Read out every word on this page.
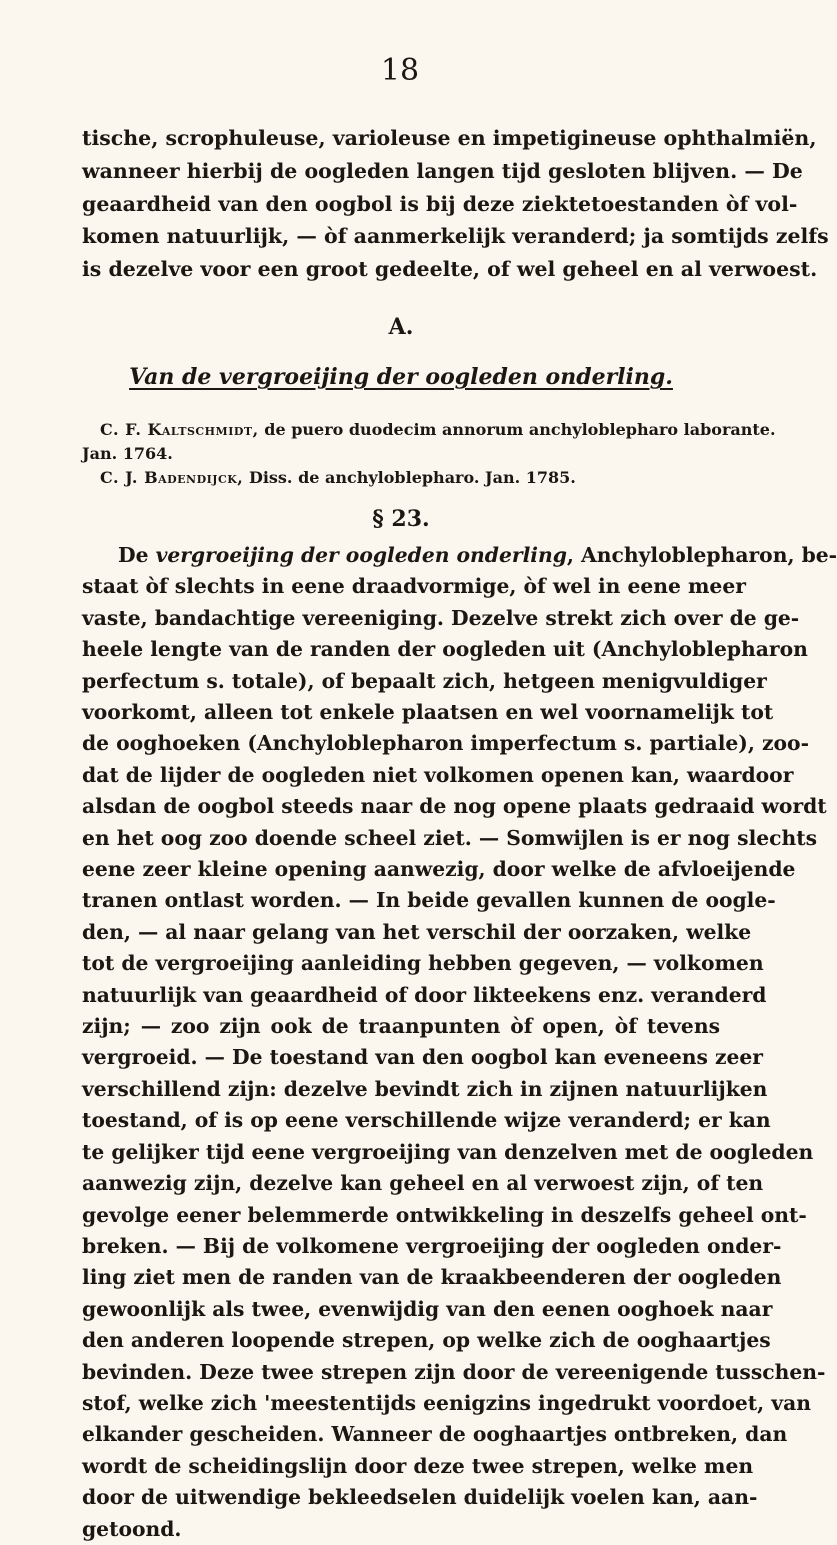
18
tische, scrophuleuse, varioleuse en impetigineuse ophthalmiën,
wanneer hierbij de oogleden langen tijd gesloten blijven. — De
geaardheid van den oogbol is bij deze ziektetoestanden òf vol-
komen natuurlijk, — òf aanmerkelijk veranderd; ja somtijds zelfs
is dezelve voor een groot gedeelte, of wel geheel en al verwoest.
A.
Van de vergroeijing der oogleden onderling.
C. F. Kaltschmidt, de puero duodecim annorum anchyloblepharo laborante.
Jan. 1764.
C. J. Badendijck, Diss. de anchyloblepharo. Jan. 1785.
§ 23.
De vergroeijing der oogleden onderling, Anchyloblepharon, be-
staat òf slechts in eene draadvormige, òf wel in eene meer
vaste, bandachtige vereeniging. Dezelve strekt zich over de ge-
heele lengte van de randen der oogleden uit (Anchyloblepharon
perfectum s. totale), of bepaalt zich, hetgeen menigvuldiger
voorkomt, alleen tot enkele plaatsen en wel voornamelijk tot
de ooghoeken (Anchyloblepharon imperfectum s. partiale), zoo-
dat de lijder de oogleden niet volkomen openen kan, waardoor
alsdan de oogbol steeds naar de nog opene plaats gedraaid wordt
en het oog zoo doende scheel ziet. — Somwijlen is er nog slechts
eene zeer kleine opening aanwezig, door welke de afvloeijende
tranen ontlast worden. — In beide gevallen kunnen de oogle-
den, — al naar gelang van het verschil der oorzaken, welke
tot de vergroeijing aanleiding hebben gegeven, — volkomen
natuurlijk van geaardheid of door likteekens enz. veranderd
zijn; — zoo zijn ook de traanpunten òf open, òf tevens
vergroeid. — De toestand van den oogbol kan eveneens zeer
verschillend zijn: dezelve bevindt zich in zijnen natuurlijken
toestand, of is op eene verschillende wijze veranderd; er kan
te gelijker tijd eene vergroeijing van denzelven met de oogleden
aanwezig zijn, dezelve kan geheel en al verwoest zijn, of ten
gevolge eener belemmerde ontwikkeling in deszelfs geheel ont-
breken. — Bij de volkomene vergroeijing der oogleden onder-
ling ziet men de randen van de kraakbeenderen der oogleden
gewoonlijk als twee, evenwijdig van den eenen ooghoek naar
den anderen loopende strepen, op welke zich de ooghaartjes
bevinden. Deze twee strepen zijn door de vereenigende tusschen-
stof, welke zich 'meestentijds eenigzins ingedrukt voordoet, van
elkander gescheiden. Wanneer de ooghaartjes ontbreken, dan
wordt de scheidingslijn door deze twee strepen, welke men
door de uitwendige bekleedselen duidelijk voelen kan, aan-
getoond.
